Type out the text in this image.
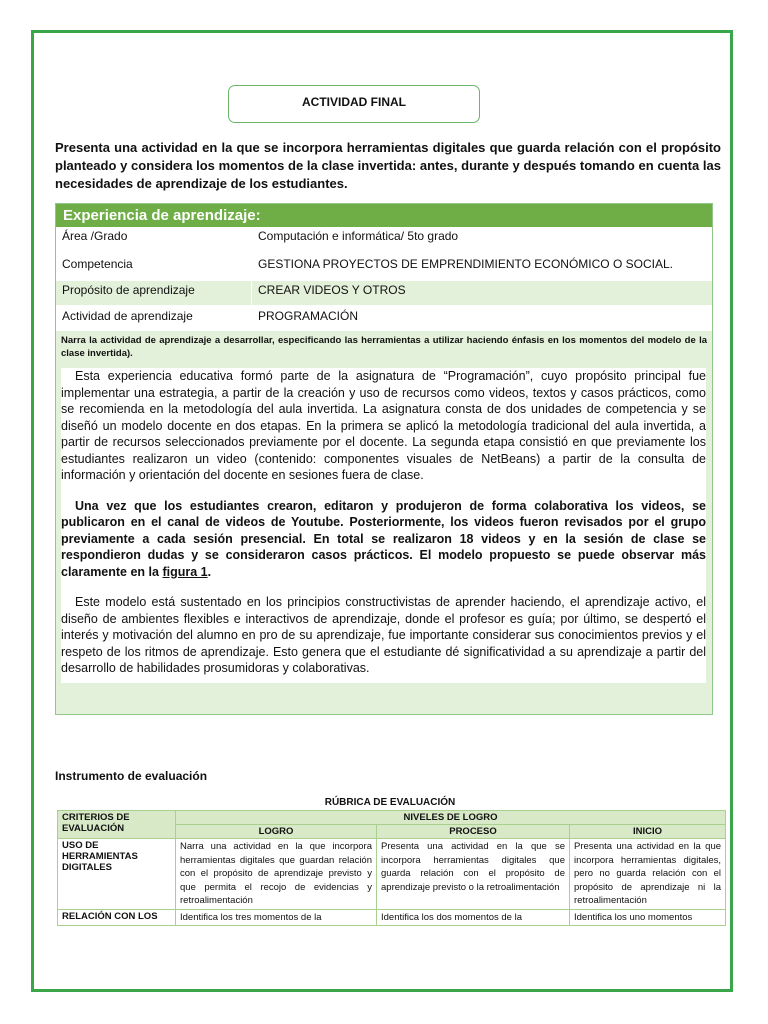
ACTIVIDAD FINAL
Presenta una actividad en la que se incorpora herramientas digitales que guarda relación con el propósito planteado y considera los momentos de la clase invertida: antes, durante y después tomando en cuenta las necesidades de aprendizaje de los estudiantes.
Experiencia de aprendizaje:
Área /Grado	Computación e informática/ 5to grado
Competencia	GESTIONA PROYECTOS DE EMPRENDIMIENTO ECONÓMICO O SOCIAL.
Propósito de aprendizaje	CREAR VIDEOS Y OTROS
Actividad de aprendizaje	PROGRAMACIÓN
Narra la actividad de aprendizaje a desarrollar, especificando las herramientas a utilizar haciendo énfasis en los momentos del modelo de la clase invertida).

Esta experiencia educativa formó parte de la asignatura de “Programación”, cuyo propósito principal fue implementar una estrategia, a partir de la creación y uso de recursos como videos, textos y casos prácticos, como se recomienda en la metodología del aula invertida. La asignatura consta de dos unidades de competencia y se diseñó un modelo docente en dos etapas. En la primera se aplicó la metodología tradicional del aula invertida, a partir de recursos seleccionados previamente por el docente. La segunda etapa consistió en que previamente los estudiantes realizaron un video (contenido: componentes visuales de NetBeans) a partir de la consulta de información y orientación del docente en sesiones fuera de clase.

Una vez que los estudiantes crearon, editaron y produjeron de forma colaborativa los videos, se publicaron en el canal de videos de Youtube. Posteriormente, los videos fueron revisados por el grupo previamente a cada sesión presencial. En total se realizaron 18 videos y en la sesión de clase se respondieron dudas y se consideraron casos prácticos. El modelo propuesto se puede observar más claramente en la figura 1.

Este modelo está sustentado en los principios constructivistas de aprender haciendo, el aprendizaje activo, el diseño de ambientes flexibles e interactivos de aprendizaje, donde el profesor es guía; por último, se despertó el interés y motivación del alumno en pro de su aprendizaje, fue importante considerar sus conocimientos previos y el respeto de los ritmos de aprendizaje. Esto genera que el estudiante dé significatividad a su aprendizaje a partir del desarrollo de habilidades prosumidoras y colaborativas.

Instrumento de evaluación
RÚBRICA DE EVALUACIÓN
CRITERIOS DE EVALUACIÓN	NIVELES DE LOGRO		
	LOGRO	PROCESO	INICIO
USO DE HERRAMIENTAS DIGITALES	Narra una actividad en la que incorpora herramientas digitales que guardan relación con el propósito de aprendizaje previsto y que permita el recojo de evidencias y retroalimentación	Presenta una actividad en la que se incorpora herramientas digitales que guarda relación con el propósito de aprendizaje previsto o la retroalimentación	Presenta una actividad en la que incorpora herramientas digitales, pero no guarda relación con el propósito de aprendizaje ni la retroalimentación
RELACIÓN CON LOS	Identifica los tres momentos de la	Identifica los dos momentos de la	Identifica los uno momentos
